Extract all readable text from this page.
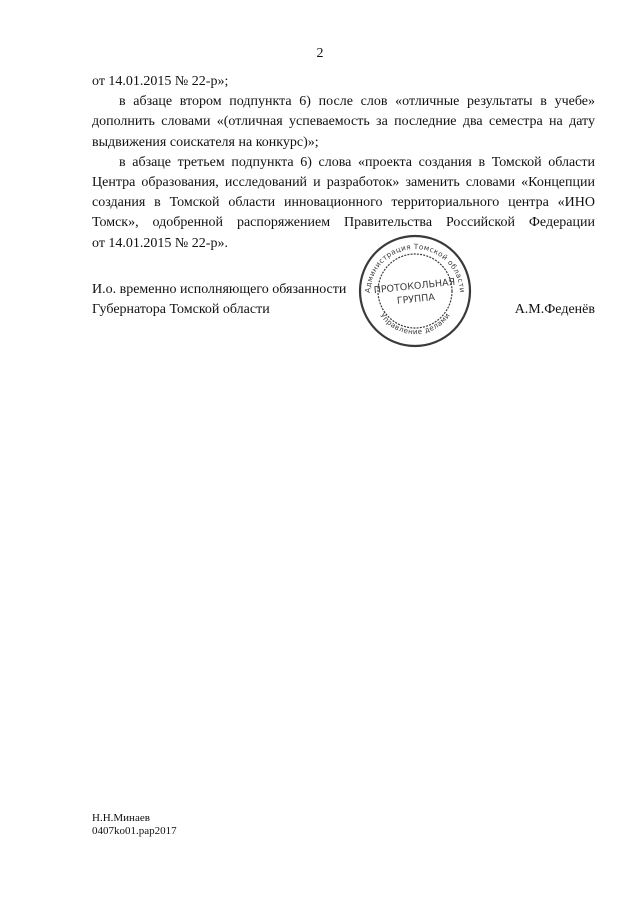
2
от 14.01.2015 № 22-р»;
в абзаце втором подпункта 6) после слов «отличные результаты в учебе»
дополнить словами «(отличная успеваемость за последние два семестра на дату
выдвижения соискателя на конкурс)»;
в абзаце третьем подпункта 6) слова «проекта создания в Томской области
Центра образования, исследований и разработок» заменить словами «Концепции
создания в Томской области инновационного территориального центра «ИНО
Томск», одобренной распоряжением Правительства Российской Федерации
от 14.01.2015 № 22-р».
Администрация Томской области
Управление делами
ПРОТОКОЛЬНАЯ
ГРУППА
И.о. временно исполняющего обязанности
Губернатора Томской области	А.М.Феденёв
Н.Н.Минаев
0407ko01.pap2017
